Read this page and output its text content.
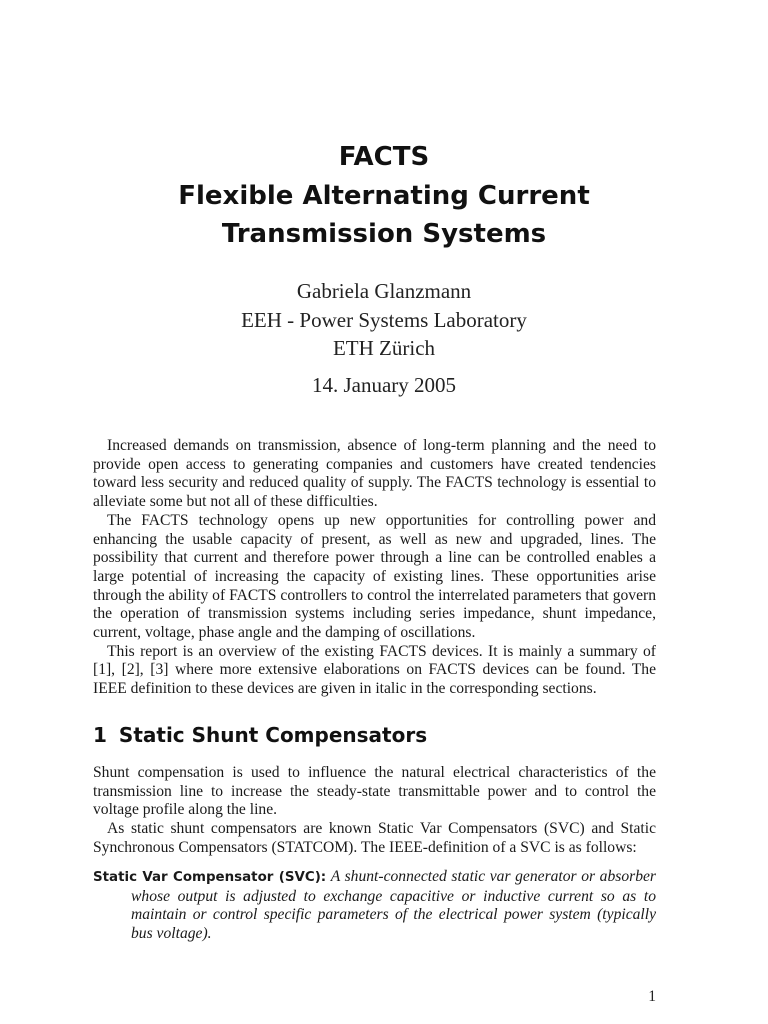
FACTS
Flexible Alternating Current
Transmission Systems
Gabriela Glanzmann
EEH - Power Systems Laboratory
ETH Zürich
14. January 2005

Increased demands on transmission, absence of long-term planning and the need to provide open access to generating companies and customers have created tendencies toward less security and reduced quality of supply. The FACTS technology is essential to alleviate some but not all of these difficulties.

The FACTS technology opens up new opportunities for controlling power and enhancing the usable capacity of present, as well as new and upgraded, lines. The possibility that current and therefore power through a line can be controlled enables a large potential of increasing the capacity of existing lines. These opportunities arise through the ability of FACTS controllers to control the interrelated parameters that govern the operation of transmission systems including series impedance, shunt impedance, current, voltage, phase angle and the damping of oscillations.

This report is an overview of the existing FACTS devices. It is mainly a summary of [1], [2], [3] where more extensive elaborations on FACTS devices can be found. The IEEE definition to these devices are given in italic in the corresponding sections.

1 Static Shunt Compensators

Shunt compensation is used to influence the natural electrical characteristics of the transmission line to increase the steady-state transmittable power and to control the voltage profile along the line.

As static shunt compensators are known Static Var Compensators (SVC) and Static Synchronous Compensators (STATCOM). The IEEE-definition of a SVC is as follows:

Static Var Compensator (SVC): A shunt-connected static var generator or absorber whose output is adjusted to exchange capacitive or inductive current so as to maintain or control specific parameters of the electrical power system (typically bus voltage).
1
